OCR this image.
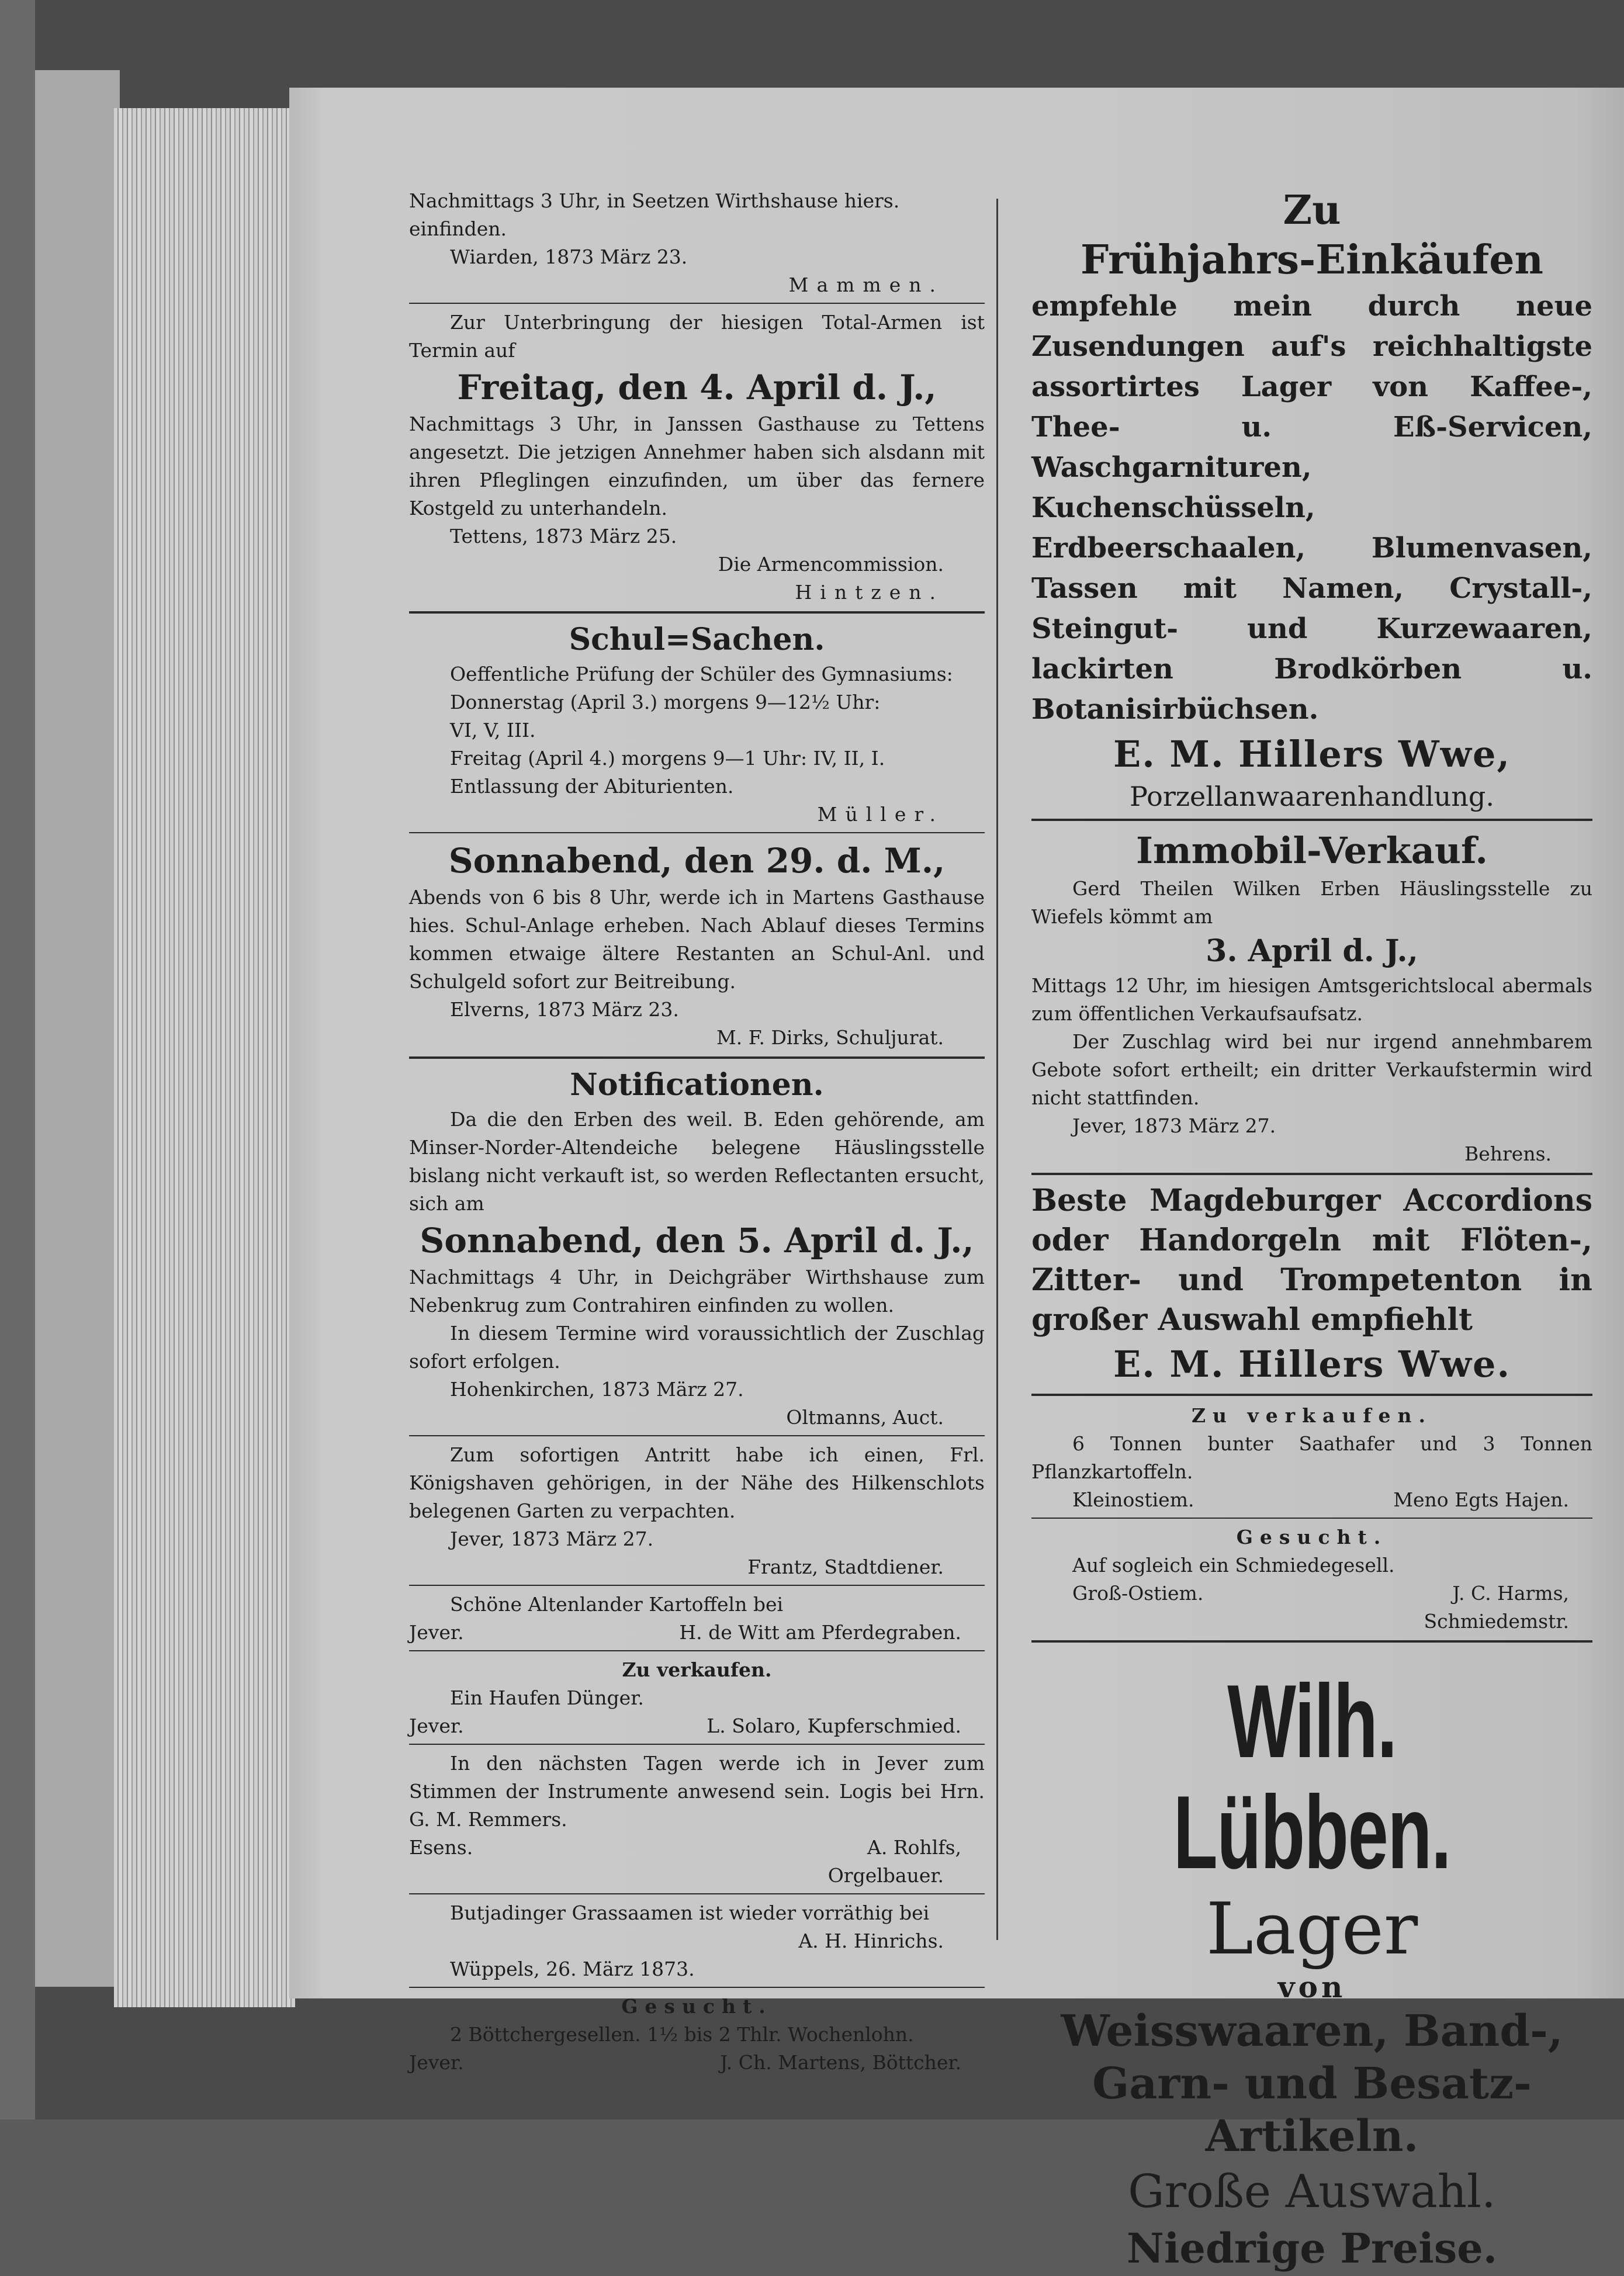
Nachmittags 3 Uhr, in Seetzen Wirthshause hiers.
einfinden.
Wiarden, 1873 März 23.
Mammen.
Zur Unterbringung der hiesigen Total-Armen ist Termin auf
Freitag, den 4. April d. J.,
Nachmittags 3 Uhr, in Janssen Gasthause zu Tettens angesetzt. Die jetzigen Annehmer haben sich alsdann mit ihren Pfleglingen einzufinden, um über das fernere Kostgeld zu unterhandeln.
Tettens, 1873 März 25.
Die Armencommission.
Hintzen.
Schul=Sachen.
Oeffentliche Prüfung der Schüler des Gymnasiums:
Donnerstag (April 3.) morgens 9—12½ Uhr:
VI, V, III.
Freitag (April 4.) morgens 9—1 Uhr: IV, II, I.
Entlassung der Abiturienten.
Müller.
Sonnabend, den 29. d. M.,
Abends von 6 bis 8 Uhr, werde ich in Martens Gasthause hies. Schul-Anlage erheben. Nach Ablauf dieses Termins kommen etwaige ältere Restanten an Schul-Anl. und Schulgeld sofort zur Beitreibung.
Elverns, 1873 März 23.
M. F. Dirks, Schuljurat.
Notificationen.
Da die den Erben des weil. B. Eden gehörende, am Minser-Norder-Altendeiche belegene Häuslingsstelle bislang nicht verkauft ist, so werden Reflectanten ersucht, sich am
Sonnabend, den 5. April d. J.,
Nachmittags 4 Uhr, in Deichgräber Wirthshause zum Nebenkrug zum Contrahiren einfinden zu wollen.
In diesem Termine wird voraussichtlich der Zuschlag sofort erfolgen.
Hohenkirchen, 1873 März 27.
Oltmanns, Auct.
Zum sofortigen Antritt habe ich einen, Frl. Königshaven gehörigen, in der Nähe des Hilkenschlots belegenen Garten zu verpachten.
Jever, 1873 März 27.
Frantz, Stadtdiener.
Schöne Altenlander Kartoffeln bei
Jever.	H. de Witt am Pferdegraben.
Zu verkaufen.
Ein Haufen Dünger.
Jever.	L. Solaro, Kupferschmied.
In den nächsten Tagen werde ich in Jever zum Stimmen der Instrumente anwesend sein. Logis bei Hrn. G. M. Remmers.
Esens.	A. Rohlfs,
Orgelbauer.
Butjadinger Grassaamen ist wieder vorräthig bei
A. H. Hinrichs.
Wüppels, 26. März 1873.
Gesucht.
2 Böttchergesellen. 1½ bis 2 Thlr. Wochenlohn.
Jever.	J. Ch. Martens, Böttcher.
Zu
Frühjahrs-Einkäufen
empfehle mein durch neue Zusendungen auf's reichhaltigste assortirtes Lager von Kaffee-, Thee- u. Eß-Servicen, Waschgarnituren, Kuchenschüsseln, Erdbeerschaalen, Blumenvasen, Tassen mit Namen, Crystall-, Steingut- und Kurzewaaren, lackirten Brodkörben u. Botanisirbüchsen.
E. M. Hillers Wwe,
Porzellanwaarenhandlung.
Immobil-Verkauf.
Gerd Theilen Wilken Erben Häuslingsstelle zu Wiefels kömmt am
3. April d. J.,
Mittags 12 Uhr, im hiesigen Amtsgerichtslocal abermals zum öffentlichen Verkaufsaufsatz.
Der Zuschlag wird bei nur irgend annehmbarem Gebote sofort ertheilt; ein dritter Verkaufstermin wird nicht stattfinden.
Jever, 1873 März 27.
Behrens.
Beste Magdeburger Accordions oder Handorgeln mit Flöten-, Zitter- und Trompetenton in großer Auswahl empfiehlt
E. M. Hillers Wwe.
Zu verkaufen.
6 Tonnen bunter Saathafer und 3 Tonnen Pflanzkartoffeln.
Kleinostiem.	Meno Egts Hajen.
Gesucht.
Auf sogleich ein Schmiedegesell.
Groß-Ostiem.	J. C. Harms,
Schmiedemstr.
Wilh. Lübben.
Lager
von
Weisswaaren, Band-,
Garn- und Besatz-
Artikeln.
Große Auswahl.
Niedrige Preise.
